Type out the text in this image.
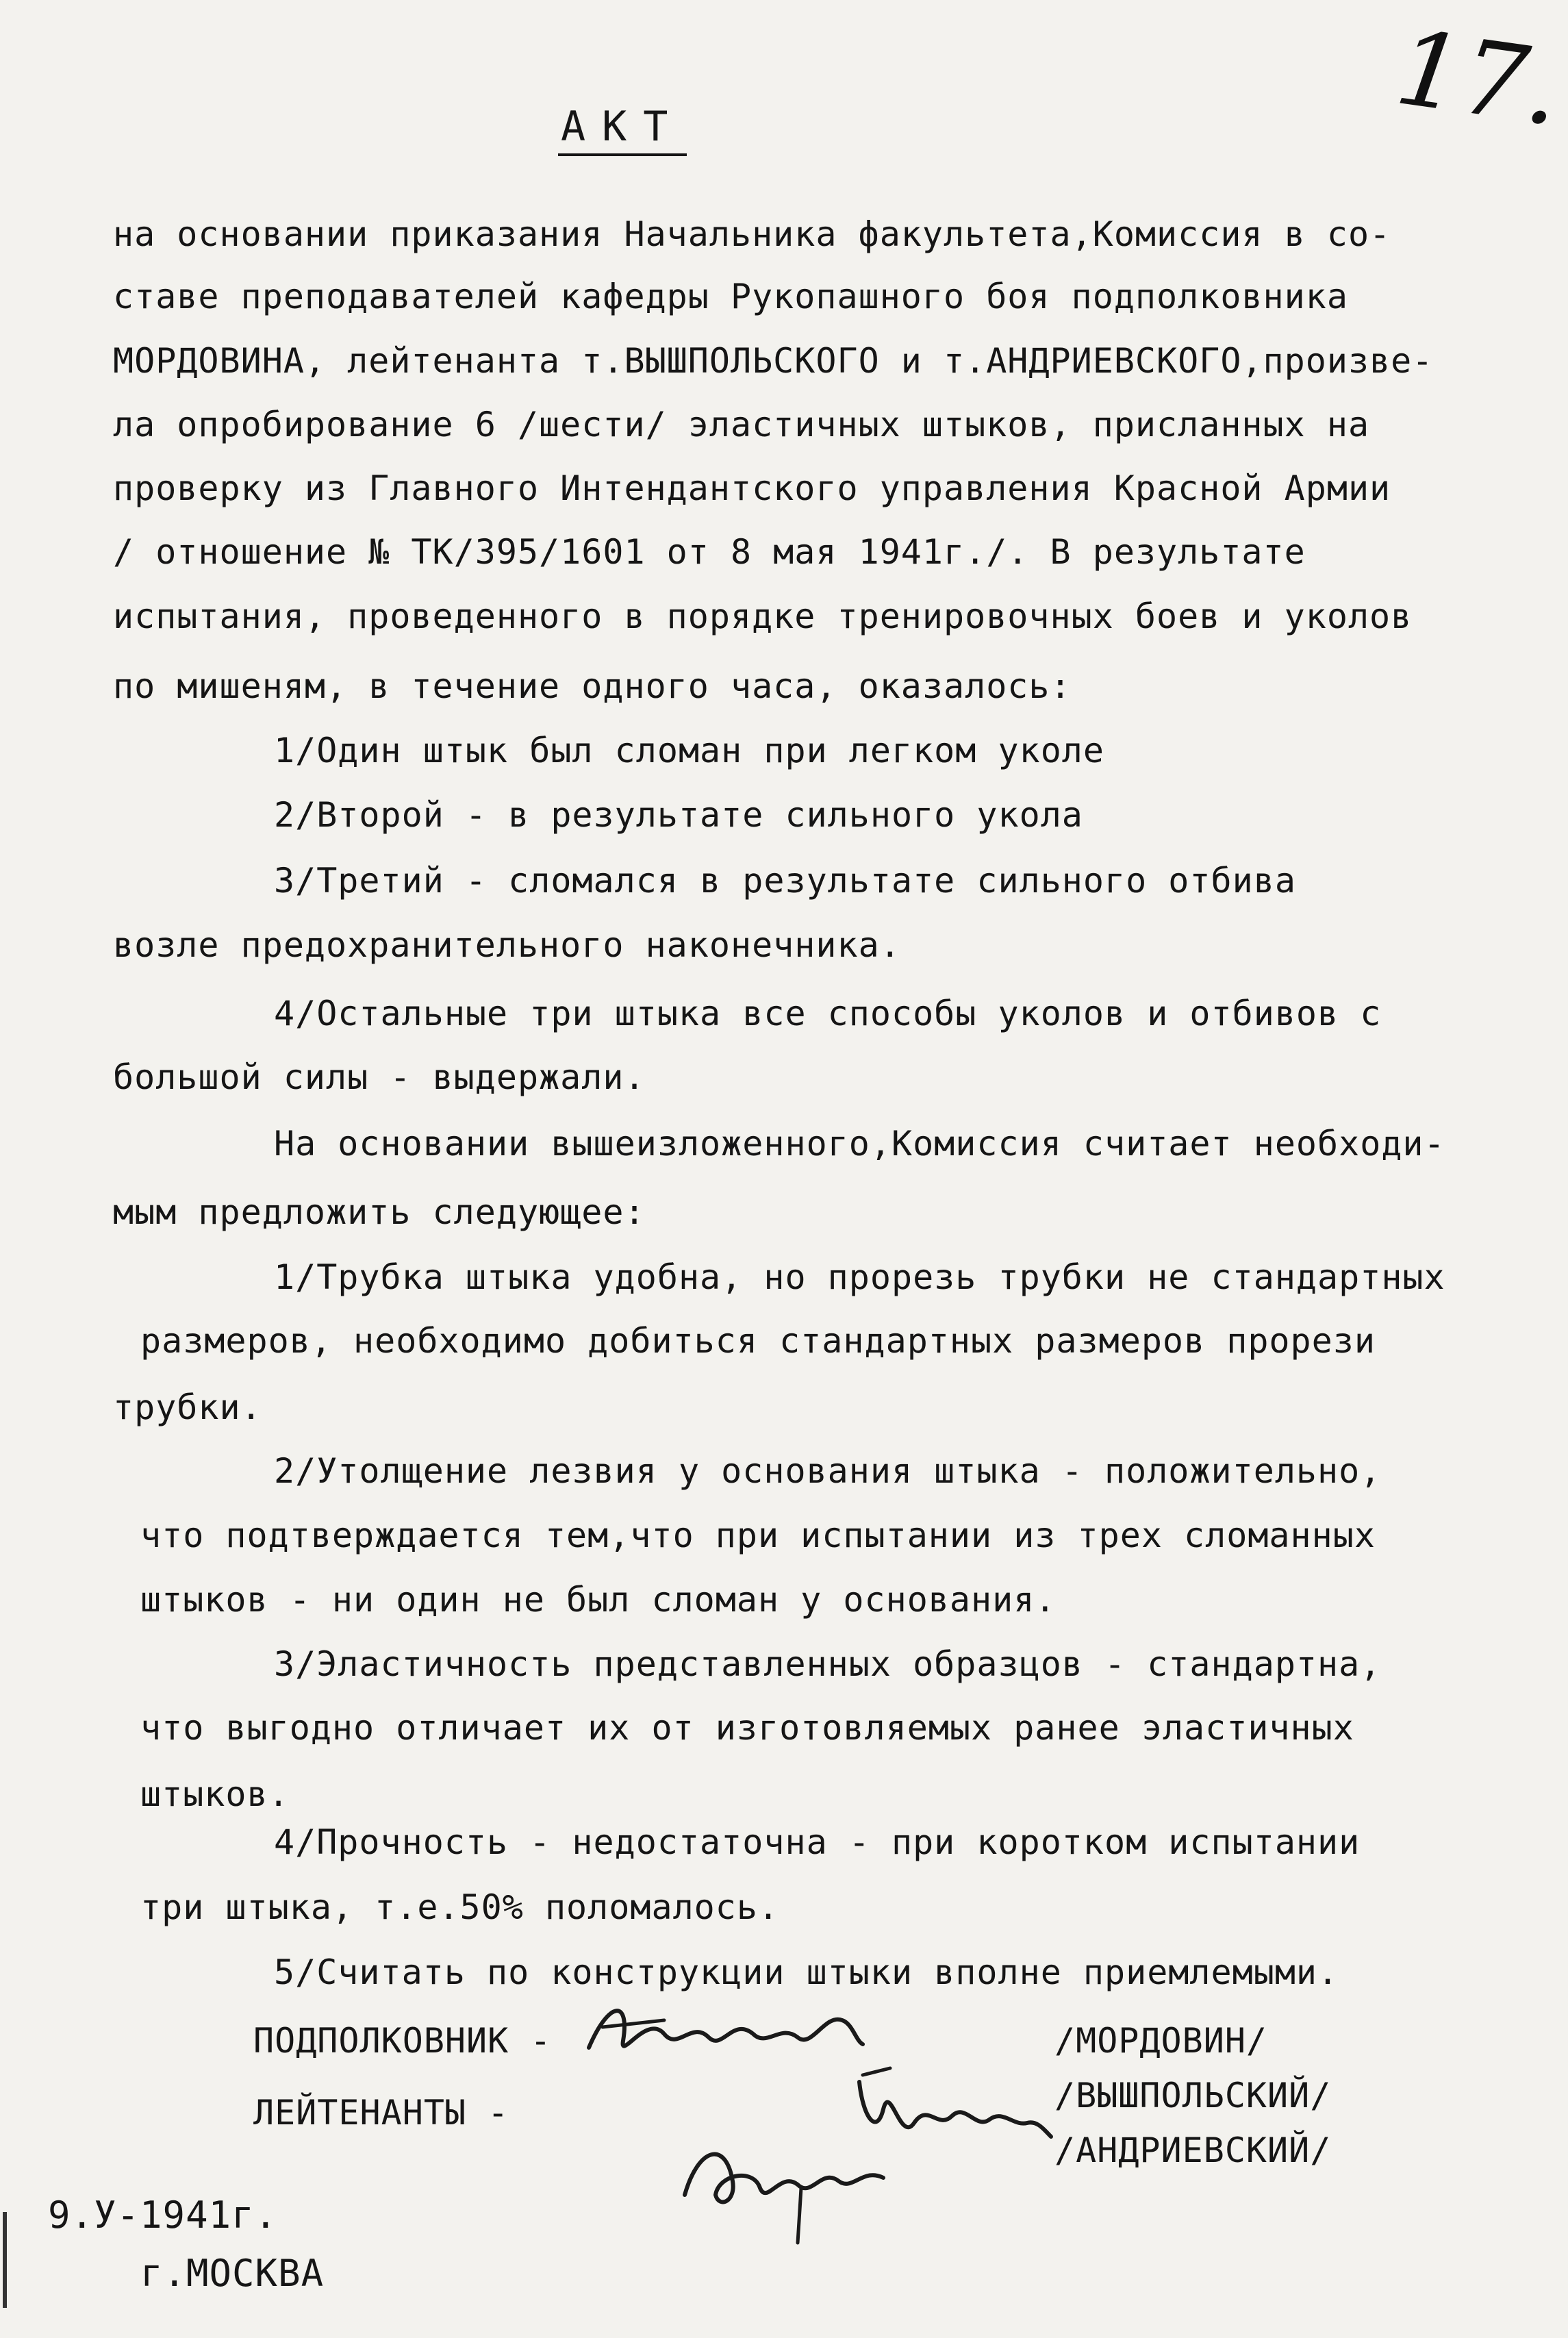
17.
АКТ
на основании приказания Начальника факультета,Комиссия в со-
ставе преподавателей кафедры Рукопашного боя подполковника
МОРДОВИНА, лейтенанта т.ВЫШПОЛЬСКОГО и т.АНДРИЕВСКОГО,произве-
ла опробирование 6 /шести/ эластичных штыков, присланных на
проверку из Главного Интендантского управления Красной Армии
/ отношение № ТК/395/1601 от 8 мая 1941г./. В результате
испытания, проведенного в порядке тренировочных боев и уколов
по мишеням, в течение одного часа, оказалось:
1/Один штык был сломан при легком уколе
2/Второй - в результате сильного укола
3/Третий - сломался в результате сильного отбива
возле предохранительного наконечника.
4/Остальные три штыка все способы уколов и отбивов с
большой силы - выдержали.
На основании вышеизложенного,Комиссия считает необходи-
мым предложить следующее:
1/Трубка штыка удобна, но прорезь трубки не стандартных
размеров, необходимо добиться стандартных размеров прорези
трубки.
2/Утолщение лезвия у основания штыка - положительно,
что подтверждается тем,что при испытании из трех сломанных
штыков - ни один не был сломан у основания.
3/Эластичность представленных образцов - стандартна,
что выгодно отличает их от изготовляемых ранее эластичных
штыков.
4/Прочность - недостаточна - при коротком испытании
три штыка, т.е.50% поломалось.
5/Считать по конструкции штыки вполне приемлемыми.
ПОДПОЛКОВНИК -
ЛЕЙТЕНАНТЫ -
/МОРДОВИН/
/ВЫШПОЛЬСКИЙ/
/АНДРИЕВСКИЙ/
9.У-1941г.
г.МОСКВА
